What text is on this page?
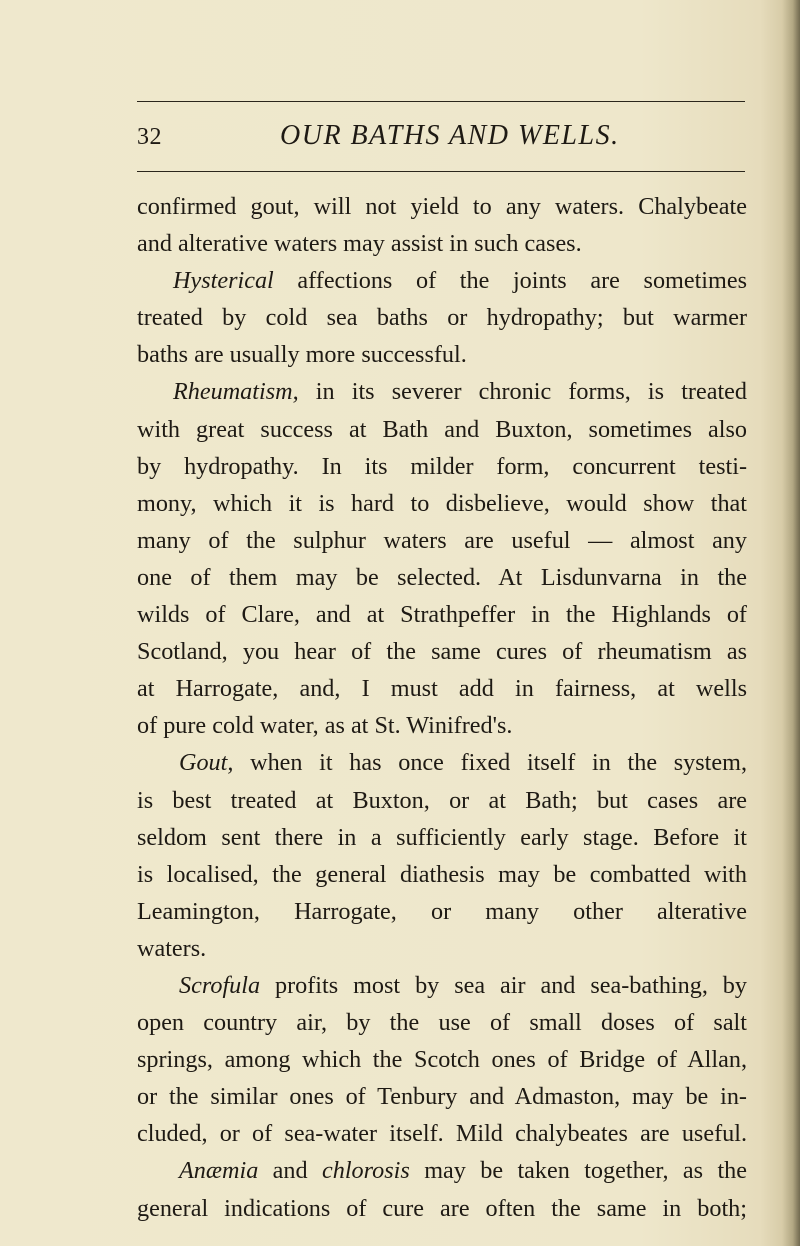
32	OUR BATHS AND WELLS.
confirmed gout, will not yield to any waters. Chalybeate
and alterative waters may assist in such cases.
Hysterical affections of the joints are sometimes
treated by cold sea baths or hydropathy; but warmer
baths are usually more successful.
Rheumatism, in its severer chronic forms, is treated
with great success at Bath and Buxton, sometimes also
by hydropathy. In its milder form, concurrent testi-
mony, which it is hard to disbelieve, would show that
many of the sulphur waters are useful — almost any
one of them may be selected. At Lisdunvarna in the
wilds of Clare, and at Strathpeffer in the Highlands of
Scotland, you hear of the same cures of rheumatism as
at Harrogate, and, I must add in fairness, at wells
of pure cold water, as at St. Winifred's.
Gout, when it has once fixed itself in the system,
is best treated at Buxton, or at Bath; but cases are
seldom sent there in a sufficiently early stage. Before it
is localised, the general diathesis may be combatted with
Leamington, Harrogate, or many other alterative
waters.
Scrofula profits most by sea air and sea-bathing, by
open country air, by the use of small doses of salt
springs, among which the Scotch ones of Bridge of Allan,
or the similar ones of Tenbury and Admaston, may be in-
cluded, or of sea-water itself. Mild chalybeates are useful.
Anæmia and chlorosis may be taken together, as the
general indications of cure are often the same in both;
